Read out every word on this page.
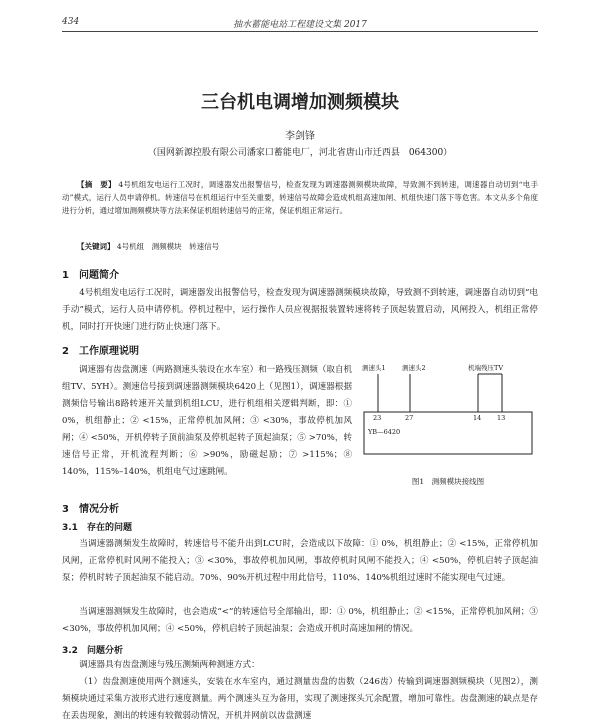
434	抽水蓄能电站工程建设文集 2017
三台机电调增加测频模块
李剑锋
（国网新源控股有限公司潘家口蓄能电厂，河北省唐山市迁西县　064300）
【摘　要】 4号机组发电运行工况时，调速器发出报警信号，检查发现为调速器测频模块故障，导致测不到转速，调速器自动切到“电手动”模式，运行人员申请停机。转速信号在机组运行中至关重要，转速信号故障会造成机组高速加闸、机组快速门落下等危害。本文从多个角度进行分析，通过增加测频模块等方法来保证机组转速信号的正常，保证机组正常运行。
【关键词】 4号机组　测频模块　转速信号
1　问题简介
4号机组发电运行工况时，调速器发出报警信号，检查发现为调速器测频模块故障，导致测不到转速，调速器自动切到“电手动”模式，运行人员申请停机。停机过程中，运行操作人员应视据报装置转速将转子顶起装置启动，风闸投入，机组正常停机，同时打开快速门进行防止快速门落下。
2　工作原理说明
调速器有齿盘测速（两路测速头装设在水车室）和一路残压测频（取自机组TV、5YH）。测速信号接到调速器测频模块6420上（见图1），调速器根据测频信号输出8路转速开关量到机组LCU，进行机组相关逻辑判断，即：① 0%，机组静止；② <15%，正常停机加风闸；③ <30%，事故停机加风闸；④ <50%，开机停转子顶前油泵及停机起转子顶起油泵；⑤ >70%，转速信号正常，开机流程判断；⑥ >90%，励磁起励；⑦ >115%；⑧ 140%，115%–140%，机组电气过速跳闸。
测速头1	测速头2	机端残压TV
23	27	14 13
YB—6420
图1　测频模块接线图
3　情况分析
3.1　存在的问题
当调速器测频发生故障时，转速信号不能升出到LCU时，会造成以下故障：① 0%，机组静止；② <15%，正常停机加风闸，正常停机时风闸不能投入；③ <30%，事故停机加风闸，事故停机时风闸不能投入；④ <50%，停机启转子顶起油泵；停机时转子顶起油泵不能启动。70%、90%开机过程中用此信号，110%、140%机组过速时不能实现电气过速。
当调速器测频发生故障时，也会造成“<”的转速信号全部输出，即：① 0%，机组静止；② <15%，正常停机加风闸；③ <30%，事故停机加风闸；④ <50%，停机启转子顶起油泵；会造成开机时高速加闸的情况。
3.2　问题分析
调速器具有齿盘测速与残压测频两种测速方式：
（1）齿盘测速使用两个测速头，安装在水车室内，通过测量齿盘的齿数（246齿）传输到调速器测频模块（见图2），测频模块通过采集方波形式进行速度测量。两个测速头互为备用，实现了测速探头冗余配置，增加可靠性。齿盘测速的缺点是存在丢齿现象，测出的转速有较微弱动情况，开机并网前以齿盘测速
